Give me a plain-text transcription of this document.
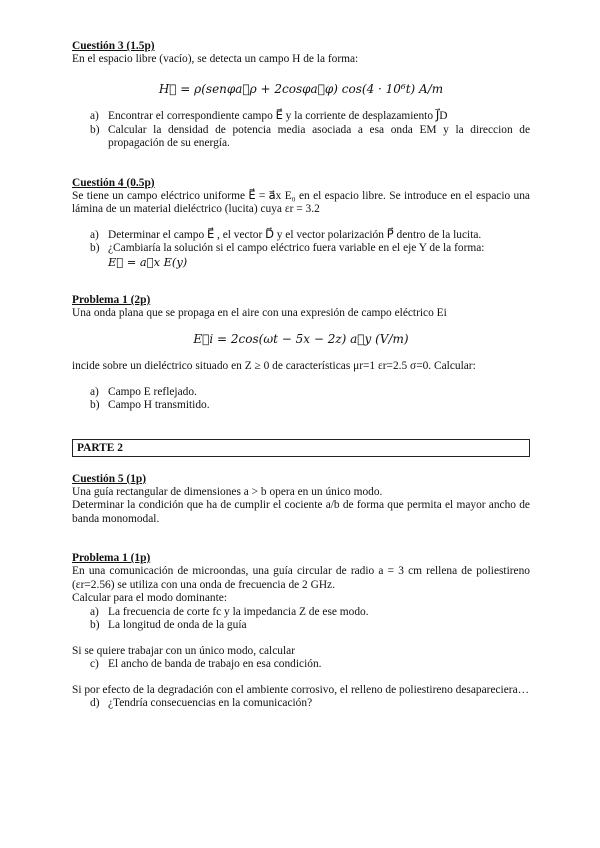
Cuestión 3 (1.5p)

En el espacio libre (vacío), se detecta un campo H de la forma:

H⃗ = ρ(senφa⃗ρ + 2cosφa⃗φ) cos(4 · 10⁶t) A/m

a) Encontrar el correspondiente campo E⃗ y la corriente de desplazamiento J⃗D
b) Calcular la densidad de potencia media asociada a esa onda EM y la direccion de propagación de su energía.

Cuestión 4 (0.5p)

Se tiene un campo eléctrico uniforme E⃗ = a⃗x E₀ en el espacio libre. Se introduce en el espacio una lámina de un material dieléctrico (lucita) cuya εr = 3.2

a) Determinar el campo E⃗ , el vector D⃗ y el vector polarización P⃗ dentro de la lucita.
b) ¿Cambiaría la solución si el campo eléctrico fuera variable en el eje Y de la forma:
E⃗ = a⃗x E(y)

Problema 1 (2p)

Una onda plana que se propaga en el aire con una expresión de campo eléctrico Ei

E⃗i = 2cos(ωt − 5x − 2z) a⃗y (V/m)

incide sobre un dieléctrico situado en Z ≥ 0 de características μr=1 εr=2.5 σ=0. Calcular:

a) Campo E reflejado.
b) Campo H transmitido.
PARTE 2

Cuestión 5 (1p)

Una guía rectangular de dimensiones a > b opera en un único modo.

Determinar la condición que ha de cumplir el cociente a/b de forma que permita el mayor ancho de banda monomodal.

Problema 1 (1p)

En una comunicación de microondas, una guía circular de radio a = 3 cm rellena de poliestireno (εr=2.56) se utiliza con una onda de frecuencia de 2 GHz.

Calcular para el modo dominante:

a) La frecuencia de corte fc y la impedancia Z de ese modo.
b) La longitud de onda de la guía

Si se quiere trabajar con un único modo, calcular

c) El ancho de banda de trabajo en esa condición.

Si por efecto de la degradación con el ambiente corrosivo, el relleno de poliestireno desaparecierа…

d) ¿Tendría consecuencias en la comunicación?
